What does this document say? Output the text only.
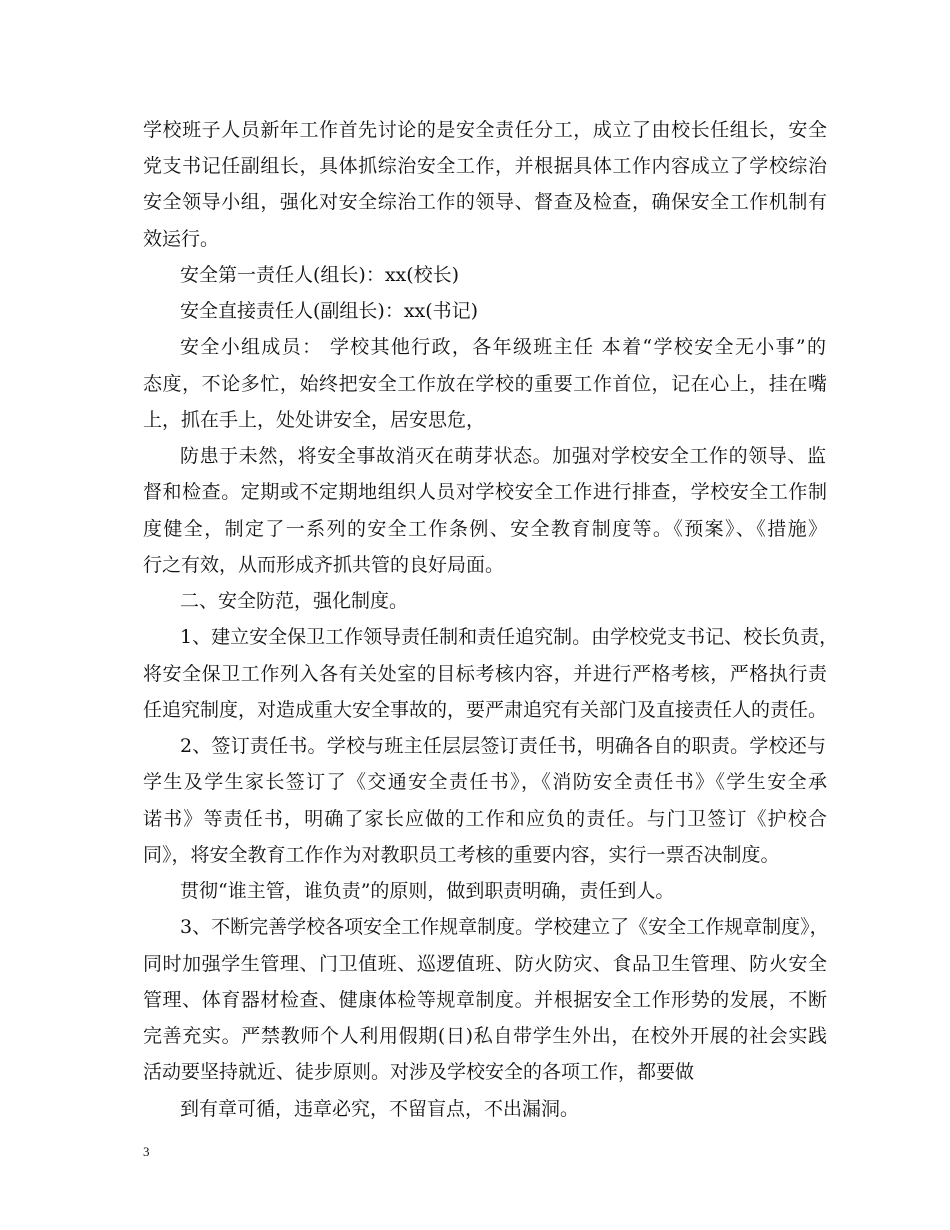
学校班子人员新年工作首先讨论的是安全责任分工，成立了由校长任组长，安全
党支书记任副组长，具体抓综治安全工作，并根据具体工作内容成立了学校综治
安全领导小组，强化对安全综治工作的领导、督查及检查，确保安全工作机制有
效运行。
安全第一责任人(组长)：xx(校长)
安全直接责任人(副组长)：xx(书记)
安全小组成员： 学校其他行政，各年级班主任 本着“学校安全无小事”的
态度，不论多忙，始终把安全工作放在学校的重要工作首位，记在心上，挂在嘴
上，抓在手上，处处讲安全，居安思危，
防患于未然，将安全事故消灭在萌芽状态。加强对学校安全工作的领导、监
督和检查。定期或不定期地组织人员对学校安全工作进行排查，学校安全工作制
度健全，制定了一系列的安全工作条例、安全教育制度等。《预案》、《措施》
行之有效，从而形成齐抓共管的良好局面。
二、安全防范，强化制度。
1、建立安全保卫工作领导责任制和责任追究制。由学校党支书记、校长负责，
将安全保卫工作列入各有关处室的目标考核内容，并进行严格考核，严格执行责
任追究制度，对造成重大安全事故的，要严肃追究有关部门及直接责任人的责任。
2、签订责任书。学校与班主任层层签订责任书，明确各自的职责。学校还与
学生及学生家长签订了《交通安全责任书》，《消防安全责任书》《学生安全承
诺书》等责任书，明确了家长应做的工作和应负的责任。与门卫签订《护校合
同》，将安全教育工作作为对教职员工考核的重要内容，实行一票否决制度。
贯彻“谁主管，谁负责”的原则，做到职责明确，责任到人。
3、不断完善学校各项安全工作规章制度。学校建立了《安全工作规章制度》，
同时加强学生管理、门卫值班、巡逻值班、防火防灾、食品卫生管理、防火安全
管理、体育器材检查、健康体检等规章制度。并根据安全工作形势的发展，不断
完善充实。严禁教师个人利用假期(日)私自带学生外出，在校外开展的社会实践
活动要坚持就近、徒步原则。对涉及学校安全的各项工作，都要做
到有章可循，违章必究，不留盲点，不出漏洞。
3
